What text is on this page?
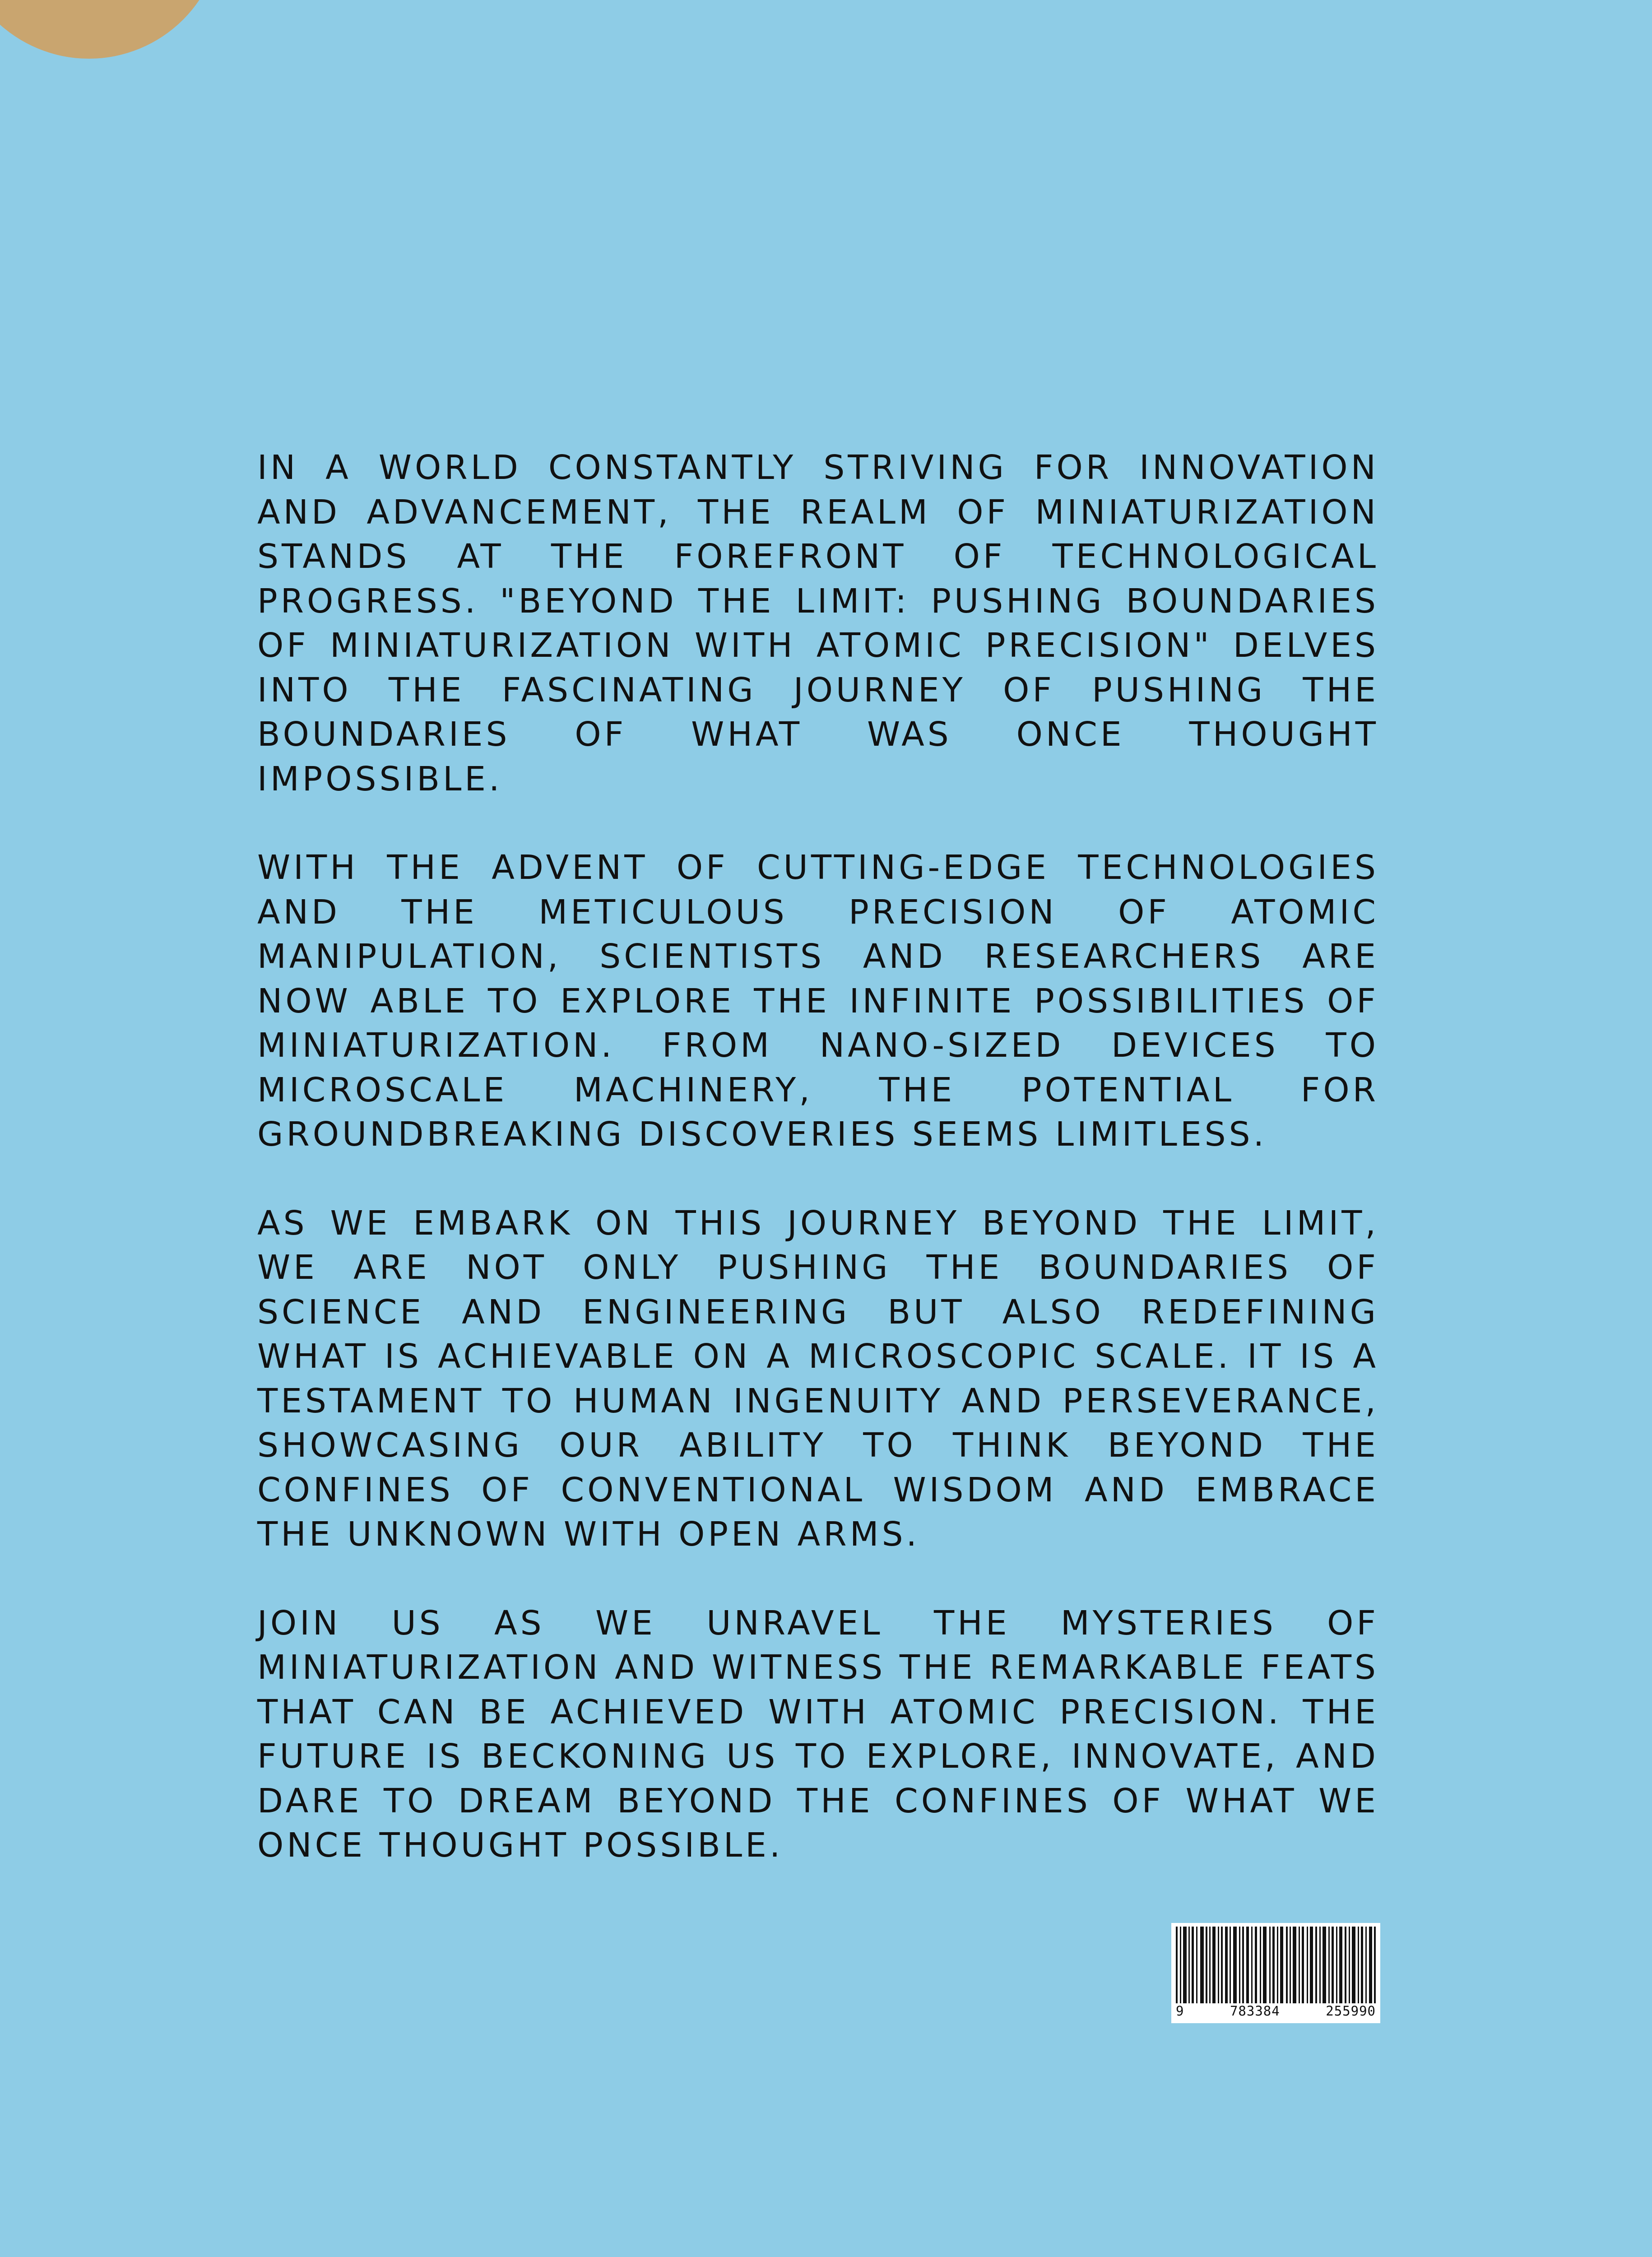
IN A WORLD CONSTANTLY STRIVING FOR INNOVATION AND ADVANCEMENT, THE REALM OF MINIATURIZATION STANDS AT THE FOREFRONT OF TECHNOLOGICAL PROGRESS. "BEYOND THE LIMIT: PUSHING BOUNDARIES OF MINIATURIZATION WITH ATOMIC PRECISION" DELVES INTO THE FASCINATING JOURNEY OF PUSHING THE BOUNDARIES OF WHAT WAS ONCE THOUGHT IMPOSSIBLE.

WITH THE ADVENT OF CUTTING-EDGE TECHNOLOGIES AND THE METICULOUS PRECISION OF ATOMIC MANIPULATION, SCIENTISTS AND RESEARCHERS ARE NOW ABLE TO EXPLORE THE INFINITE POSSIBILITIES OF MINIATURIZATION. FROM NANO-SIZED DEVICES TO MICROSCALE MACHINERY, THE POTENTIAL FOR GROUNDBREAKING DISCOVERIES SEEMS LIMITLESS.

AS WE EMBARK ON THIS JOURNEY BEYOND THE LIMIT, WE ARE NOT ONLY PUSHING THE BOUNDARIES OF SCIENCE AND ENGINEERING BUT ALSO REDEFINING WHAT IS ACHIEVABLE ON A MICROSCOPIC SCALE. IT IS A TESTAMENT TO HUMAN INGENUITY AND PERSEVERANCE, SHOWCASING OUR ABILITY TO THINK BEYOND THE CONFINES OF CONVENTIONAL WISDOM AND EMBRACE THE UNKNOWN WITH OPEN ARMS.

JOIN US AS WE UNRAVEL THE MYSTERIES OF MINIATURIZATION AND WITNESS THE REMARKABLE FEATS THAT CAN BE ACHIEVED WITH ATOMIC PRECISION. THE FUTURE IS BECKONING US TO EXPLORE, INNOVATE, AND DARE TO DREAM BEYOND THE CONFINES OF WHAT WE ONCE THOUGHT POSSIBLE.

9	783384	255990
